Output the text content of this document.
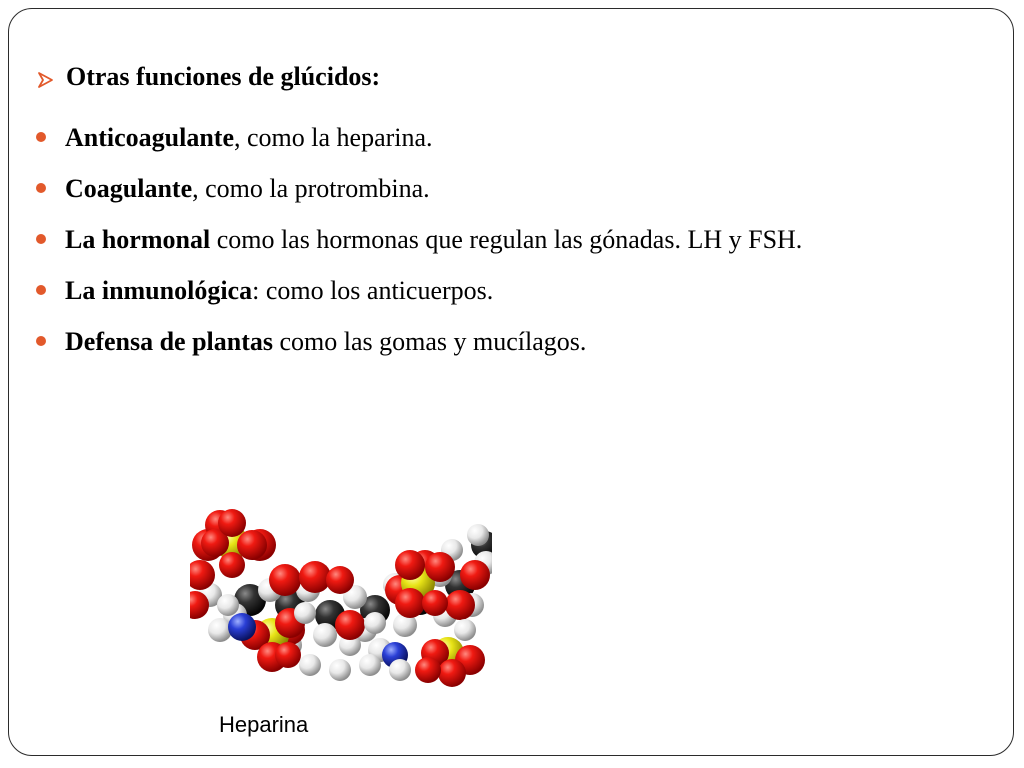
Otras funciones de glúcidos:
Anticoagulante, como la heparina.
Coagulante, como la protrombina.
La hormonal como las hormonas que regulan las gónadas. LH y FSH.
La inmunológica: como los anticuerpos.
Defensa de plantas como las gomas y mucílagos.
Heparina
